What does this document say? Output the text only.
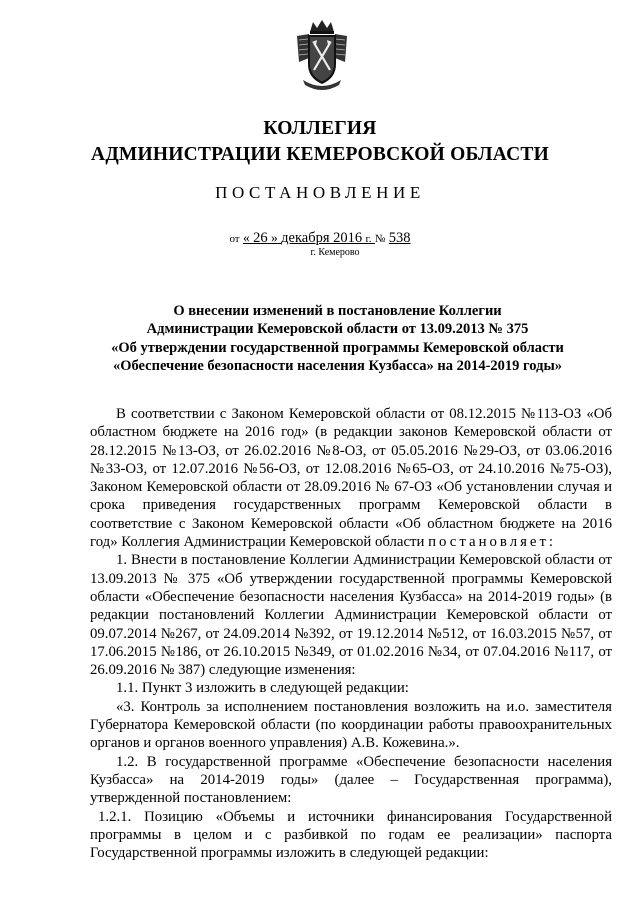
КОЛЛЕГИЯ
АДМИНИСТРАЦИИ КЕМЕРОВСКОЙ ОБЛАСТИ
ПОСТАНОВЛЕНИЕ
от « 26 » декабря 2016 г. № 538
г. Кемерово
О внесении изменений в постановление Коллегии
Администрации Кемеровской области от 13.09.2013 № 375
«Об утверждении государственной программы Кемеровской области
«Обеспечение безопасности населения Кузбасса» на 2014-2019 годы»

В соответствии с Законом Кемеровской области от 08.12.2015 №113-ОЗ «Об областном бюджете на 2016 год» (в редакции законов Кемеровской области от 28.12.2015 №13-ОЗ, от 26.02.2016 №8-ОЗ, от 05.05.2016 №29-ОЗ, от 03.06.2016 №33-ОЗ, от 12.07.2016 №56-ОЗ, от 12.08.2016 №65-ОЗ, от 24.10.2016 №75-ОЗ), Законом Кемеровской области от 28.09.2016 № 67-ОЗ «Об установлении случая и срока приведения государственных программ Кемеровской области в соответствие с Законом Кемеровской области «Об областном бюджете на 2016 год» Коллегия Администрации Кемеровской области постановляет:

1. Внести в постановление Коллегии Администрации Кемеровской области от 13.09.2013 № 375 «Об утверждении государственной программы Кемеровской области «Обеспечение безопасности населения Кузбасса» на 2014-2019 годы» (в редакции постановлений Коллегии Администрации Кемеровской области от 09.07.2014 №267, от 24.09.2014 №392, от 19.12.2014 №512, от 16.03.2015 №57, от 17.06.2015 №186, от 26.10.2015 №349, от 01.02.2016 №34, от 07.04.2016 №117, от 26.09.2016 № 387) следующие изменения:

1.1. Пункт 3 изложить в следующей редакции:

«3. Контроль за исполнением постановления возложить на и.о. заместителя Губернатора Кемеровской области (по координации работы правоохранительных органов и органов военного управления) А.В. Кожевина.».

1.2. В государственной программе «Обеспечение безопасности населения Кузбасса» на 2014-2019 годы» (далее – Государственная программа), утвержденной постановлением:

1.2.1. Позицию «Объемы и источники финансирования Государственной программы в целом и с разбивкой по годам ее реализации» паспорта Государственной программы изложить в следующей редакции:
